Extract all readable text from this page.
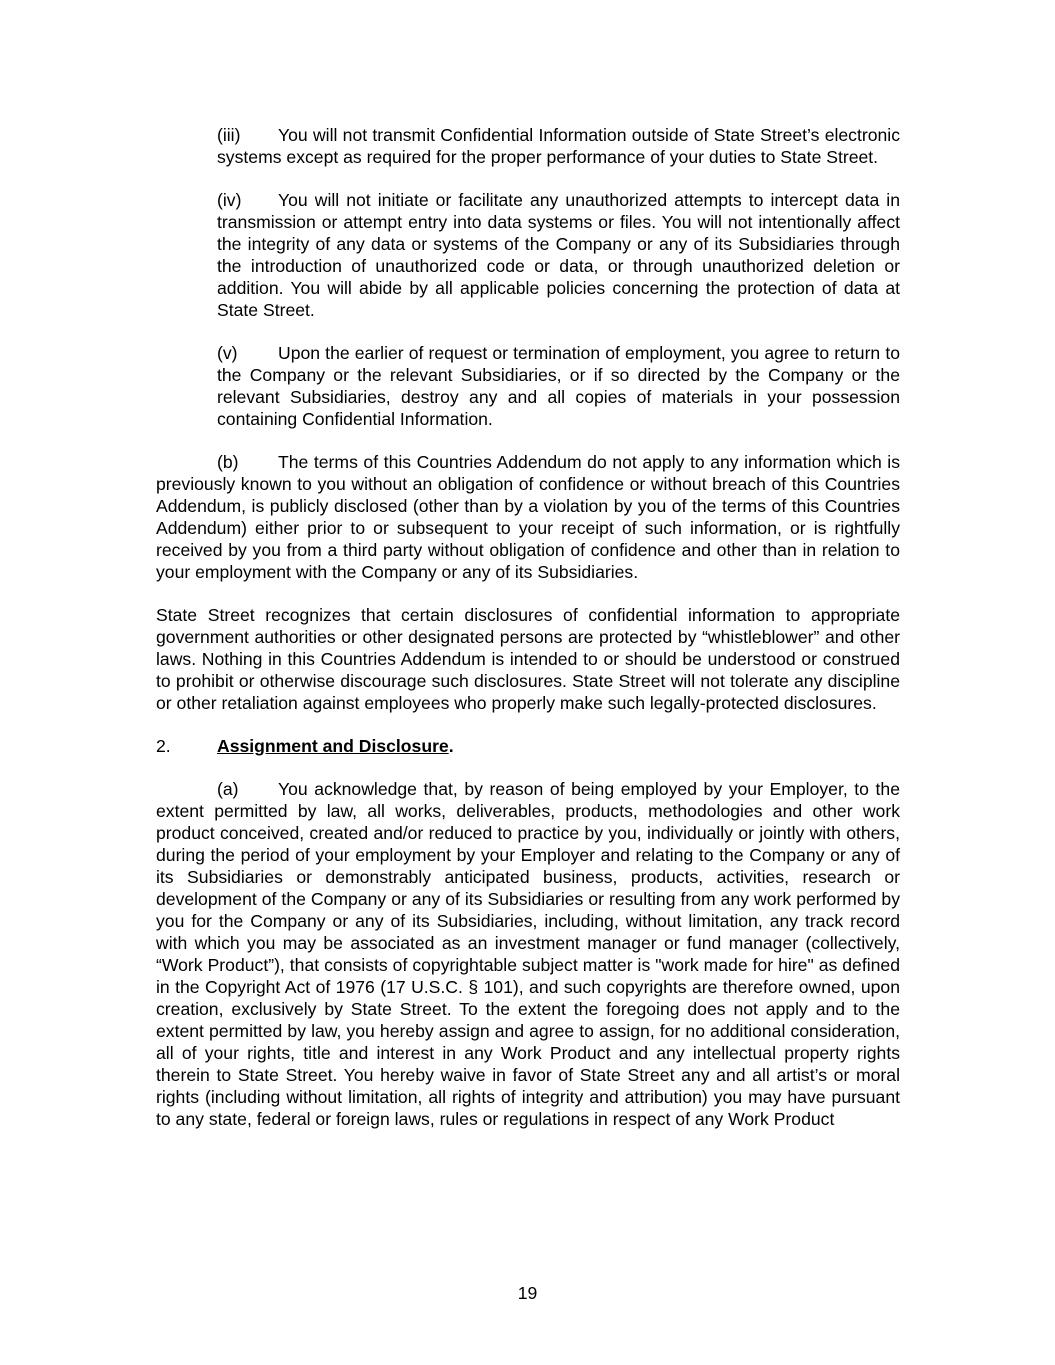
(iii) You will not transmit Confidential Information outside of State Street’s electronic systems except as required for the proper performance of your duties to State Street.

(iv) You will not initiate or facilitate any unauthorized attempts to intercept data in transmission or attempt entry into data systems or files. You will not intentionally affect the integrity of any data or systems of the Company or any of its Subsidiaries through the introduction of unauthorized code or data, or through unauthorized deletion or addition. You will abide by all applicable policies concerning the protection of data at State Street.

(v) Upon the earlier of request or termination of employment, you agree to return to the Company or the relevant Subsidiaries, or if so directed by the Company or the relevant Subsidiaries, destroy any and all copies of materials in your possession containing Confidential Information.

(b) The terms of this Countries Addendum do not apply to any information which is previously known to you without an obligation of confidence or without breach of this Countries Addendum, is publicly disclosed (other than by a violation by you of the terms of this Countries Addendum) either prior to or subsequent to your receipt of such information, or is rightfully received by you from a third party without obligation of confidence and other than in relation to your employment with the Company or any of its Subsidiaries.

State Street recognizes that certain disclosures of confidential information to appropriate government authorities or other designated persons are protected by “whistleblower” and other laws. Nothing in this Countries Addendum is intended to or should be understood or construed to prohibit or otherwise discourage such disclosures. State Street will not tolerate any discipline or other retaliation against employees who properly make such legally-protected disclosures.

2.	Assignment and Disclosure.

(a) You acknowledge that, by reason of being employed by your Employer, to the extent permitted by law, all works, deliverables, products, methodologies and other work product conceived, created and/or reduced to practice by you, individually or jointly with others, during the period of your employment by your Employer and relating to the Company or any of its Subsidiaries or demonstrably anticipated business, products, activities, research or development of the Company or any of its Subsidiaries or resulting from any work performed by you for the Company or any of its Subsidiaries, including, without limitation, any track record with which you may be associated as an investment manager or fund manager (collectively, “Work Product”), that consists of copyrightable subject matter is "work made for hire" as defined in the Copyright Act of 1976 (17 U.S.C. § 101), and such copyrights are therefore owned, upon creation, exclusively by State Street. To the extent the foregoing does not apply and to the extent permitted by law, you hereby assign and agree to assign, for no additional consideration, all of your rights, title and interest in any Work Product and any intellectual property rights therein to State Street. You hereby waive in favor of State Street any and all artist’s or moral rights (including without limitation, all rights of integrity and attribution) you may have pursuant to any state, federal or foreign laws, rules or regulations in respect of any Work Product

19
